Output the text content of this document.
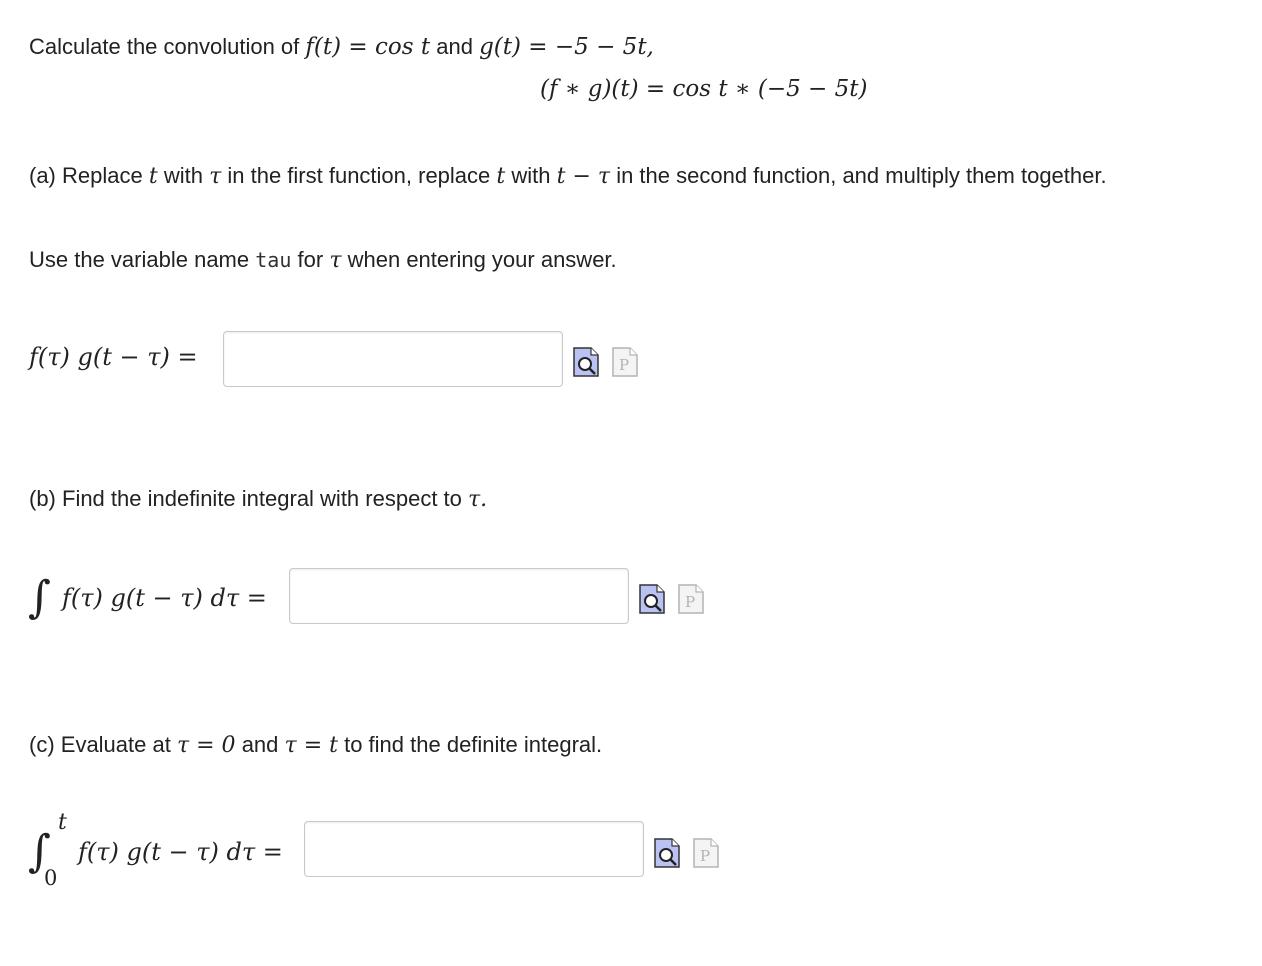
Calculate the convolution of f(t) = cos t and g(t) = −5 − 5t,
(f ∗ g)(t) = cos t ∗ (−5 − 5t)
(a) Replace t with τ in the first function, replace t with t − τ in the second function, and multiply them together.
Use the variable name tau for τ when entering your answer.
f(τ) g(t − τ) =	P
(b) Find the indefinite integral with respect to τ.
∫ f(τ) g(t − τ) dτ =	P
(c) Evaluate at τ = 0 and τ = t to find the definite integral.
∫
t
0
f(τ) g(t − τ) dτ =	P
